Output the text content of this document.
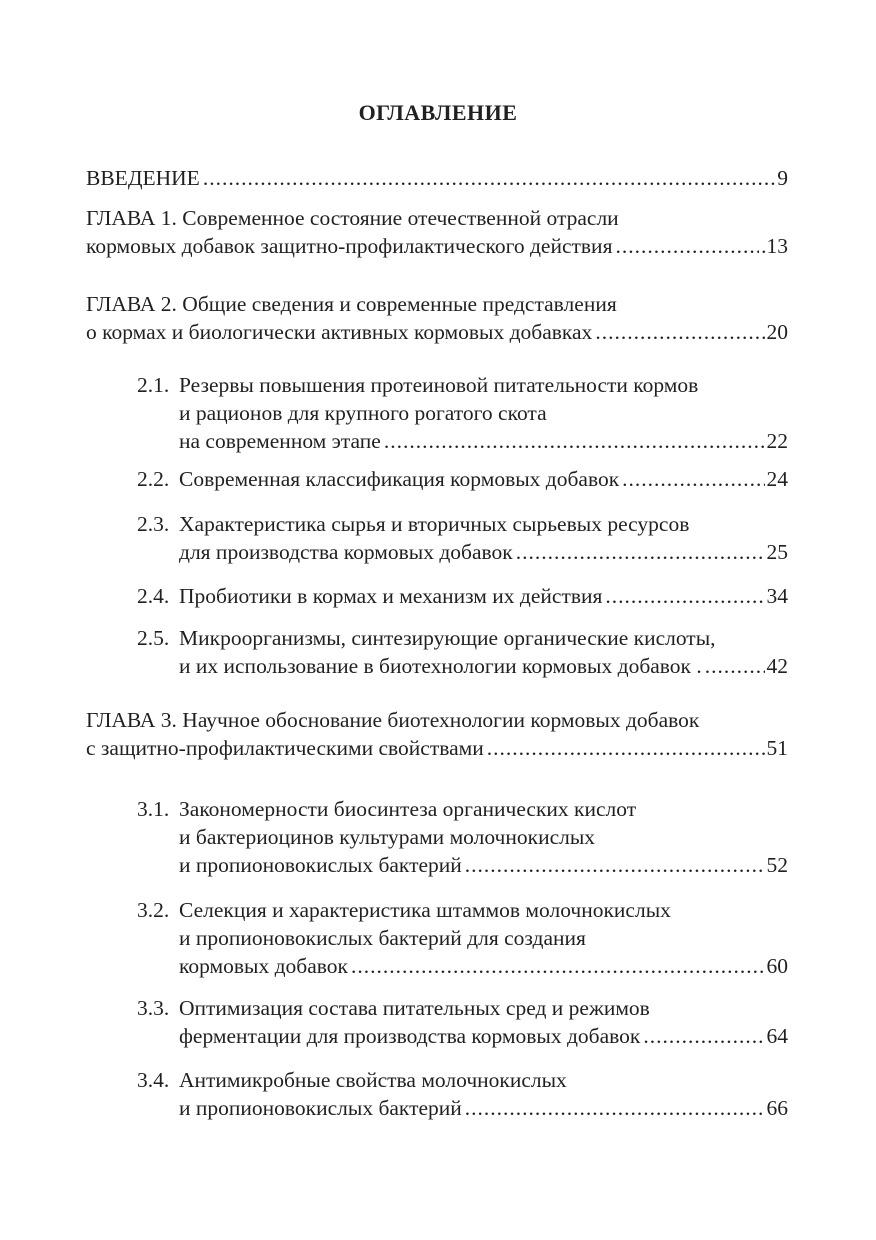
ОГЛАВЛЕНИЕ
ВВЕДЕНИЕ .....	9
ГЛАВА 1. Современное состояние отечественной отрасли
кормовых добавок защитно-профилактического действия .....	.13
ГЛАВА 2. Общие сведения и современные представления
о кормах и биологически активных кормовых добавках .....	20
2.1. Резервы повышения протеиновой питательности кормов
и рационов для крупного рогатого скота
на современном этапе .....	22
2.2. Современная классификация кормовых добавок .....	24
2.3. Характеристика сырья и вторичных сырьевых ресурсов
для производства кормовых добавок .....	25
2.4. Пробиотики в кормах и механизм их действия .....	34
2.5. Микроорганизмы, синтезирующие органические кислоты,
и их использование в биотехнологии кормовых добавок . .....	42
ГЛАВА 3. Научное обоснование биотехнологии кормовых добавок
с защитно-профилактическими свойствами .....	51
3.1. Закономерности биосинтеза органических кислот
и бактериоцинов культурами молочнокислых
и пропионовокислых бактерий .....	52
3.2. Селекция и характеристика штаммов молочнокислых
и пропионовокислых бактерий для создания
кормовых добавок .....	60
3.3. Оптимизация состава питательных сред и режимов
ферментации для производства кормовых добавок .....	64
3.4. Антимикробные свойства молочнокислых
и пропионовокислых бактерий .....	66
